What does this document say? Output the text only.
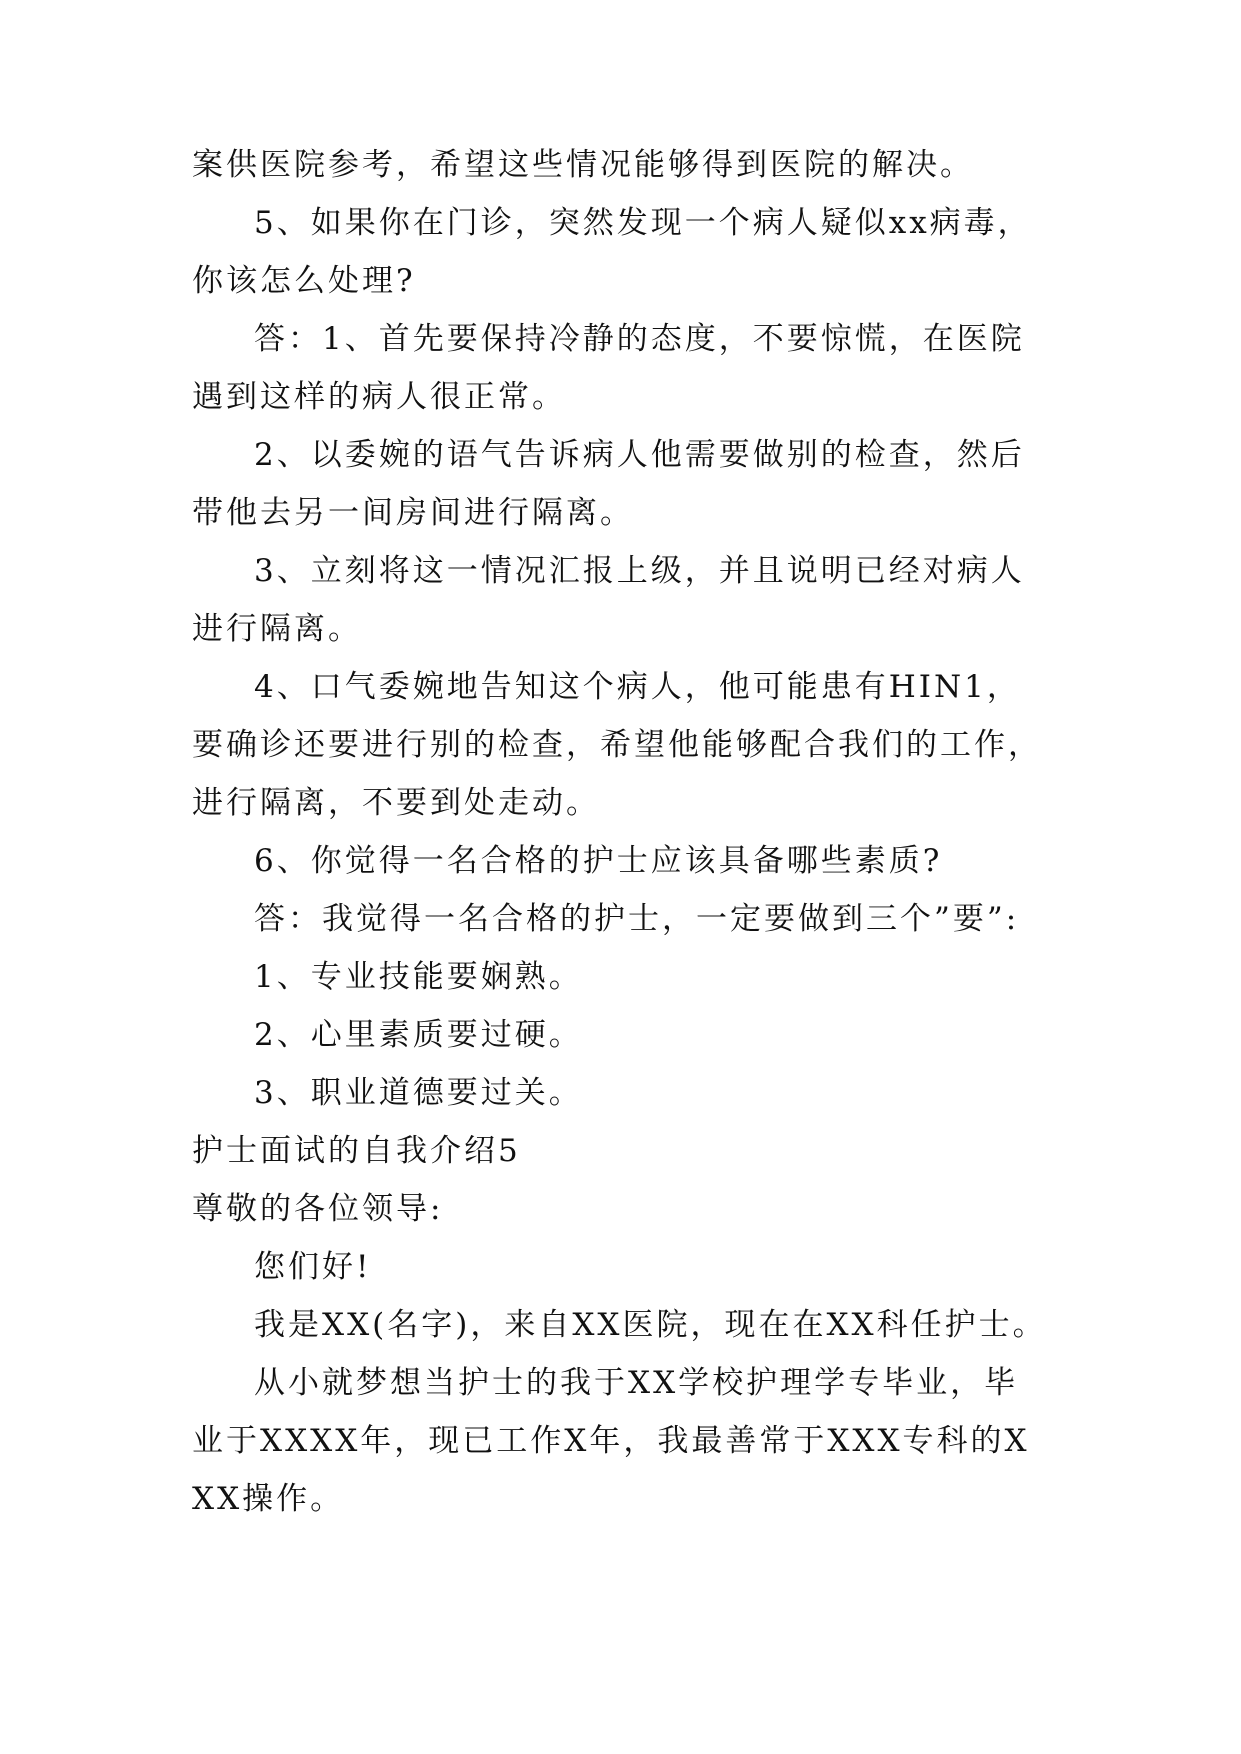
案供医院参考，希望这些情况能够得到医院的解决。

5、如果你在门诊，突然发现一个病人疑似xx病毒，你该怎么处理?

答：1、首先要保持冷静的态度，不要惊慌，在医院遇到这样的病人很正常。

2、以委婉的语气告诉病人他需要做别的检查，然后带他去另一间房间进行隔离。

3、立刻将这一情况汇报上级，并且说明已经对病人进行隔离。

4、口气委婉地告知这个病人，他可能患有HIN1，要确诊还要进行别的检查，希望他能够配合我们的工作，进行隔离，不要到处走动。

6、你觉得一名合格的护士应该具备哪些素质?

答：我觉得一名合格的护士，一定要做到三个”要”:

1、专业技能要娴熟。

2、心里素质要过硬。

3、职业道德要过关。

护士面试的自我介绍5

尊敬的各位领导:

您们好!

我是XX(名字)，来自XX医院，现在在XX科任护士。

从小就梦想当护士的我于XX学校护理学专毕业，毕业于XXXX年，现已工作X年，我最善常于XXX专科的XXX操作。
